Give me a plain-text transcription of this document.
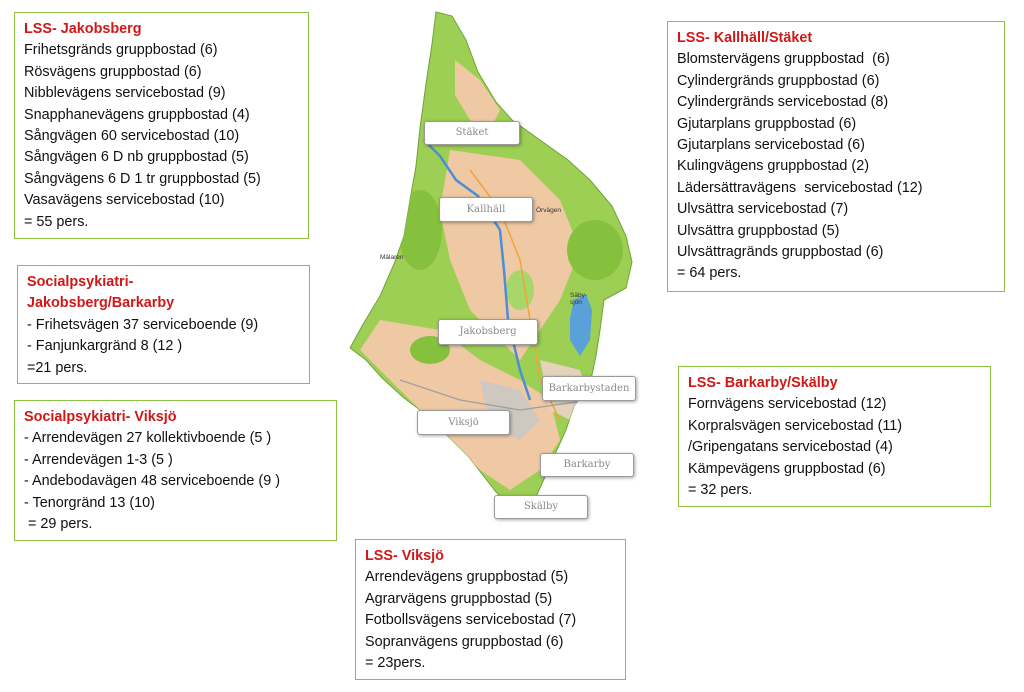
Mälaren
Örvägen
Säby-
sjön
Stäket
Kallhäll
Jakobsberg
Barkarbystaden
Viksjö
Barkarby
Skälby
LSS- Jakobsberg
Frihetsgränds gruppbostad (6)
Rösvägens gruppbostad (6)
Nibblevägens servicebostad (9)
Snapphanevägens gruppbostad (4)
Sångvägen 60 servicebostad (10)
Sångvägen 6 D nb gruppbostad (5)
Sångvägens 6 D 1 tr gruppbostad (5)
Vasavägens servicebostad (10)
= 55 pers.
Socialpsykiatri-
Jakobsberg/Barkarby
- Frihetsvägen 37 serviceboende (9)
- Fanjunkargränd 8 (12 )
=21 pers.
Socialpsykiatri- Viksjö
- Arrendevägen 27 kollektivboende (5 )
- Arrendevägen 1-3 (5 )
- Andebodavägen 48 serviceboende (9 )
- Tenorgränd 13 (10)
= 29 pers.
LSS- Viksjö
Arrendevägens gruppbostad (5)
Agrarvägens gruppbostad (5)
Fotbollsvägens servicebostad (7)
Sopranvägens gruppbostad (6)
= 23pers.
LSS- Kallhäll/Stäket
Blomstervägens gruppbostad  (6)
Cylindergränds gruppbostad (6)
Cylindergränds servicebostad (8)
Gjutarplans gruppbostad (6)
Gjutarplans servicebostad (6)
Kulingvägens gruppbostad (2)
Lädersättravägens  servicebostad (12)
Ulvsättra servicebostad (7)
Ulvsättra gruppbostad (5)
Ulvsättragränds gruppbostad (6)
= 64 pers.
LSS- Barkarby/Skälby
Fornvägens servicebostad (12)
Korpralsvägen servicebostad (11)
/Gripengatans servicebostad (4)
Kämpevägens gruppbostad (6)
= 32 pers.
